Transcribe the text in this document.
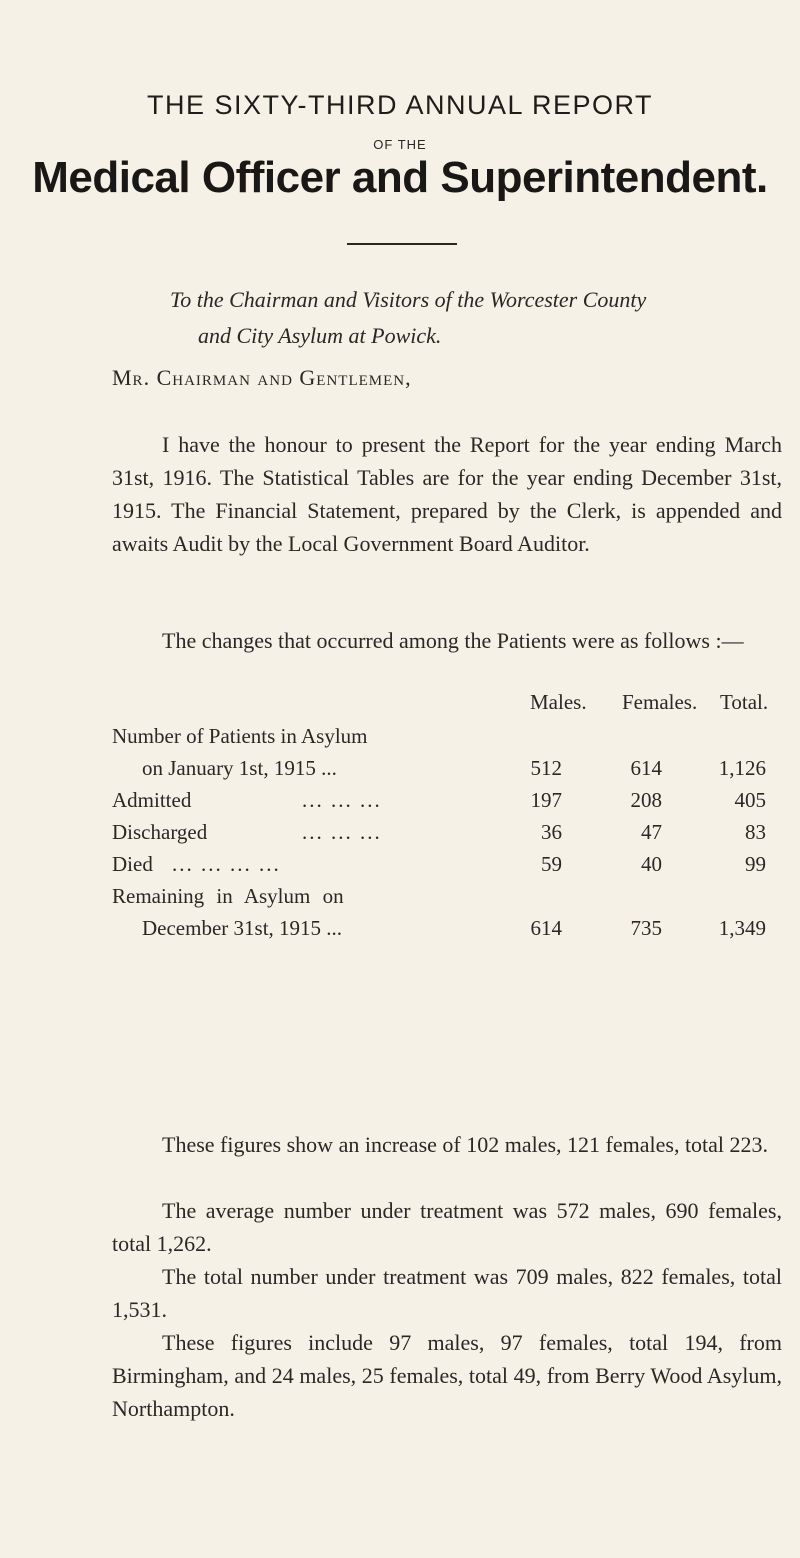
THE SIXTY-THIRD ANNUAL REPORT
OF THE
Medical Officer and Superintendent.
To the Chairman and Visitors of the Worcester County
and City Asylum at Powick.
Mr. Chairman and Gentlemen,
I have the honour to present the Report for the year ending March 31st, 1916. The Statistical Tables are for the year ending December 31st, 1915. The Financial Statement, prepared by the Clerk, is appended and awaits Audit by the Local Government Board Auditor.
The changes that occurred among the Patients were as follows :—
Males. Females. Total.
Number of Patients in Asylum
on January 1st, 1915 ...	512	614	1,126
Admitted	... ... ...	197	208	405
Discharged	... ... ...	36	47	83
Died ... ... ... ...	59	40	99
Remaining in Asylum on
December 31st, 1915 ...	614	735	1,349
These figures show an increase of 102 males, 121 females, total 223.
The average number under treatment was 572 males, 690 females, total 1,262.
The total number under treatment was 709 males, 822 females, total 1,531.
These figures include 97 males, 97 females, total 194, from Birmingham, and 24 males, 25 females, total 49, from Berry Wood Asylum, Northampton.
